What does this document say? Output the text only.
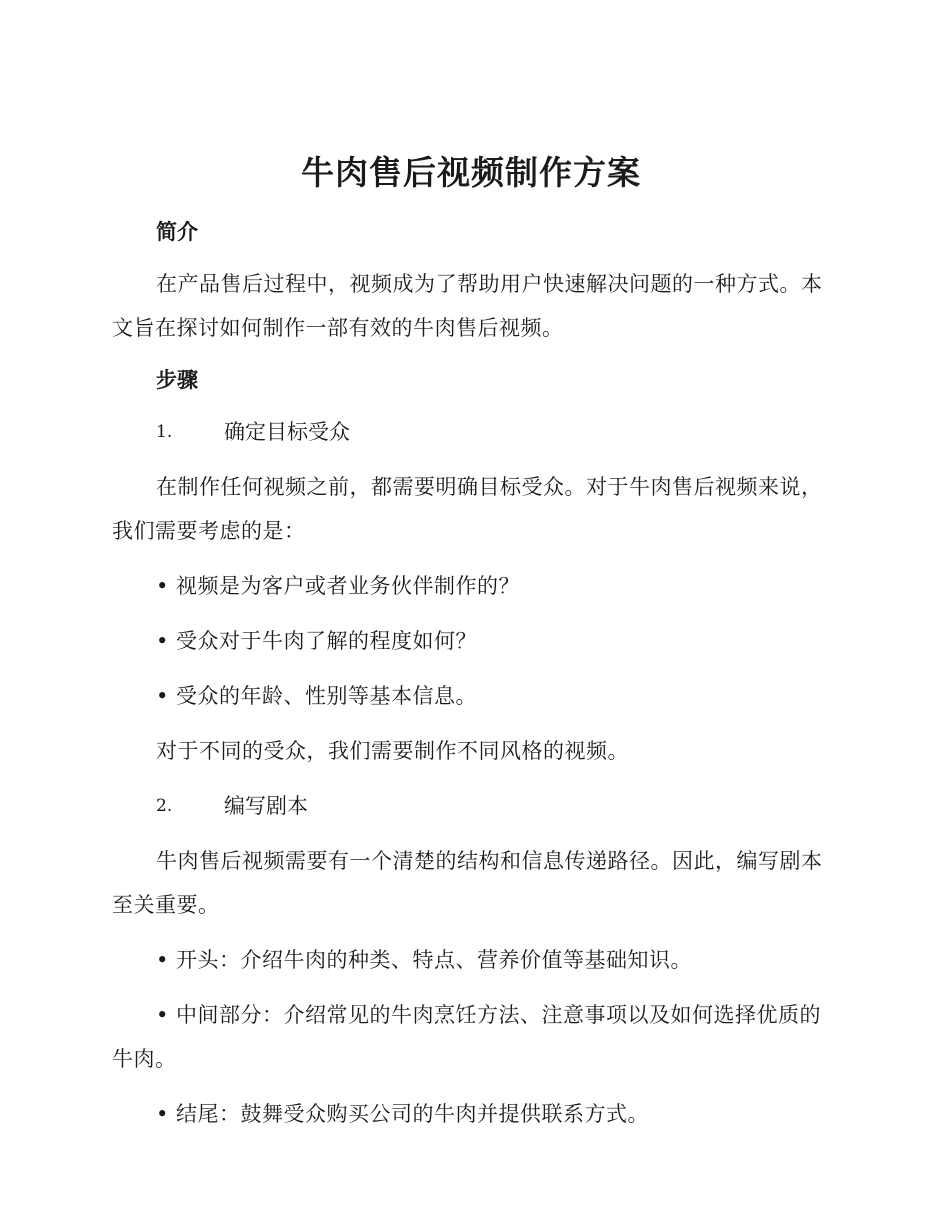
牛肉售后视频制作方案
简介

在产品售后过程中，视频成为了帮助用户快速解决问题的一种方式。本文旨在探讨如何制作一部有效的牛肉售后视频。

步骤
1.	确定目标受众

在制作任何视频之前，都需要明确目标受众。对于牛肉售后视频来说，我们需要考虑的是：

• 视频是为客户或者业务伙伴制作的？

• 受众对于牛肉了解的程度如何？

• 受众的年龄、性别等基本信息。

对于不同的受众，我们需要制作不同风格的视频。

2.	编写剧本

牛肉售后视频需要有一个清楚的结构和信息传递路径。因此，编写剧本至关重要。

• 开头：介绍牛肉的种类、特点、营养价值等基础知识。

• 中间部分：介绍常见的牛肉烹饪方法、注意事项以及如何选择优质的牛肉。

• 结尾：鼓舞受众购买公司的牛肉并提供联系方式。
